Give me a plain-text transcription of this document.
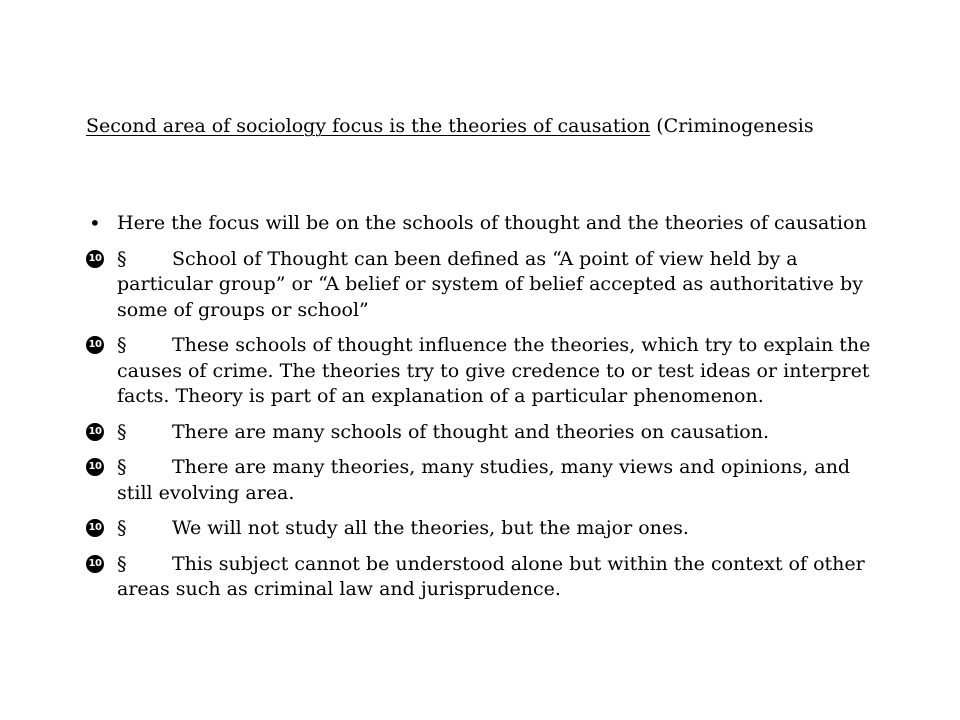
Second area of sociology focus is the theories of causation (Criminogenesis
• Here the focus will be on the schools of thought and the theories of causation
10 § School of Thought can been defined as “A point of view held by a particular group” or “A belief or system of belief accepted as authoritative by some of groups or school”
10 § These schools of thought influence the theories, which try to explain the causes of crime. The theories try to give credence to or test ideas or interpret facts. Theory is part of an explanation of a particular phenomenon.
10 § There are many schools of thought and theories on causation.
10 § There are many theories, many studies, many views and opinions, and still evolving area.
10 § We will not study all the theories, but the major ones.
10 § This subject cannot be understood alone but within the context of other areas such as criminal law and jurisprudence.
